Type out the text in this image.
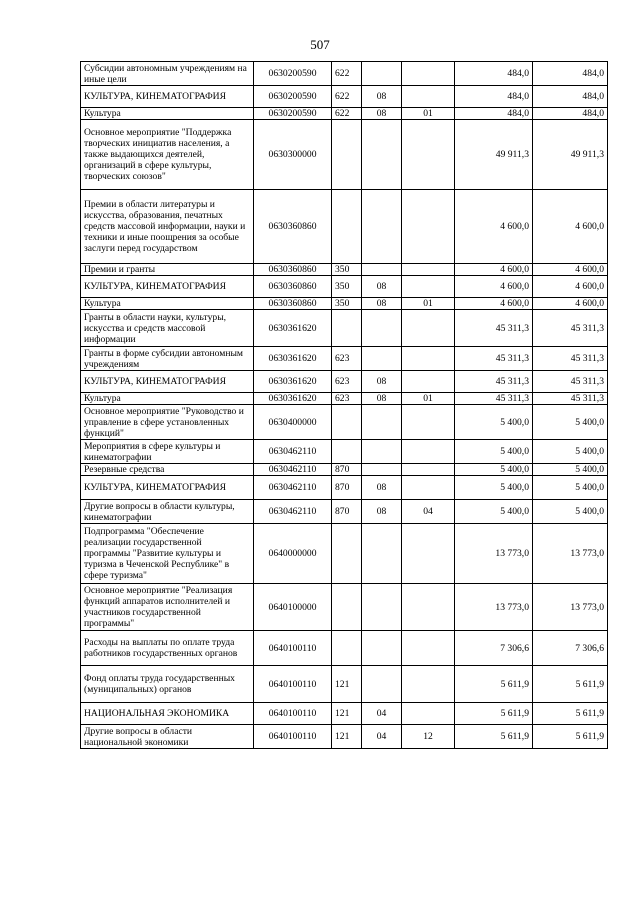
507
Субсидии автономным учреждениям на иные цели	0630200590	622			484,0	484,0
КУЛЬТУРА, КИНЕМАТОГРАФИЯ	0630200590	622	08		484,0	484,0
Культура	0630200590	622	08	01	484,0	484,0
Основное мероприятие "Поддержка творческих инициатив населения, а также выдающихся деятелей, организаций в сфере культуры, творческих союзов"	0630300000				49 911,3	49 911,3
Премии в области литературы и искусства, образования, печатных средств массовой информации, науки и техники и иные поощрения за особые заслуги перед государством	0630360860				4 600,0	4 600,0
Премии и гранты	0630360860	350			4 600,0	4 600,0
КУЛЬТУРА, КИНЕМАТОГРАФИЯ	0630360860	350	08		4 600,0	4 600,0
Культура	0630360860	350	08	01	4 600,0	4 600,0
Гранты в области науки, культуры, искусства и средств массовой информации	0630361620				45 311,3	45 311,3
Гранты в форме субсидии автономным учреждениям	0630361620	623			45 311,3	45 311,3
КУЛЬТУРА, КИНЕМАТОГРАФИЯ	0630361620	623	08		45 311,3	45 311,3
Культура	0630361620	623	08	01	45 311,3	45 311,3
Основное мероприятие "Руководство и управление в сфере установленных функций"	0630400000				5 400,0	5 400,0
Мероприятия в сфере культуры и кинематографии	0630462110				5 400,0	5 400,0
Резервные средства	0630462110	870			5 400,0	5 400,0
КУЛЬТУРА, КИНЕМАТОГРАФИЯ	0630462110	870	08		5 400,0	5 400,0
Другие вопросы в области культуры, кинематографии	0630462110	870	08	04	5 400,0	5 400,0
Подпрограмма "Обеспечение реализации государственной программы "Развитие культуры и туризма в Чеченской Республике" в сфере туризма"	0640000000				13 773,0	13 773,0
Основное мероприятие "Реализация функций аппаратов исполнителей и участников государственной программы"	0640100000				13 773,0	13 773,0
Расходы на выплаты по оплате труда работников государственных органов	0640100110				7 306,6	7 306,6
Фонд оплаты труда государственных (муниципальных) органов	0640100110	121			5 611,9	5 611,9
НАЦИОНАЛЬНАЯ ЭКОНОМИКА	0640100110	121	04		5 611,9	5 611,9
Другие вопросы в области национальной экономики	0640100110	121	04	12	5 611,9	5 611,9
